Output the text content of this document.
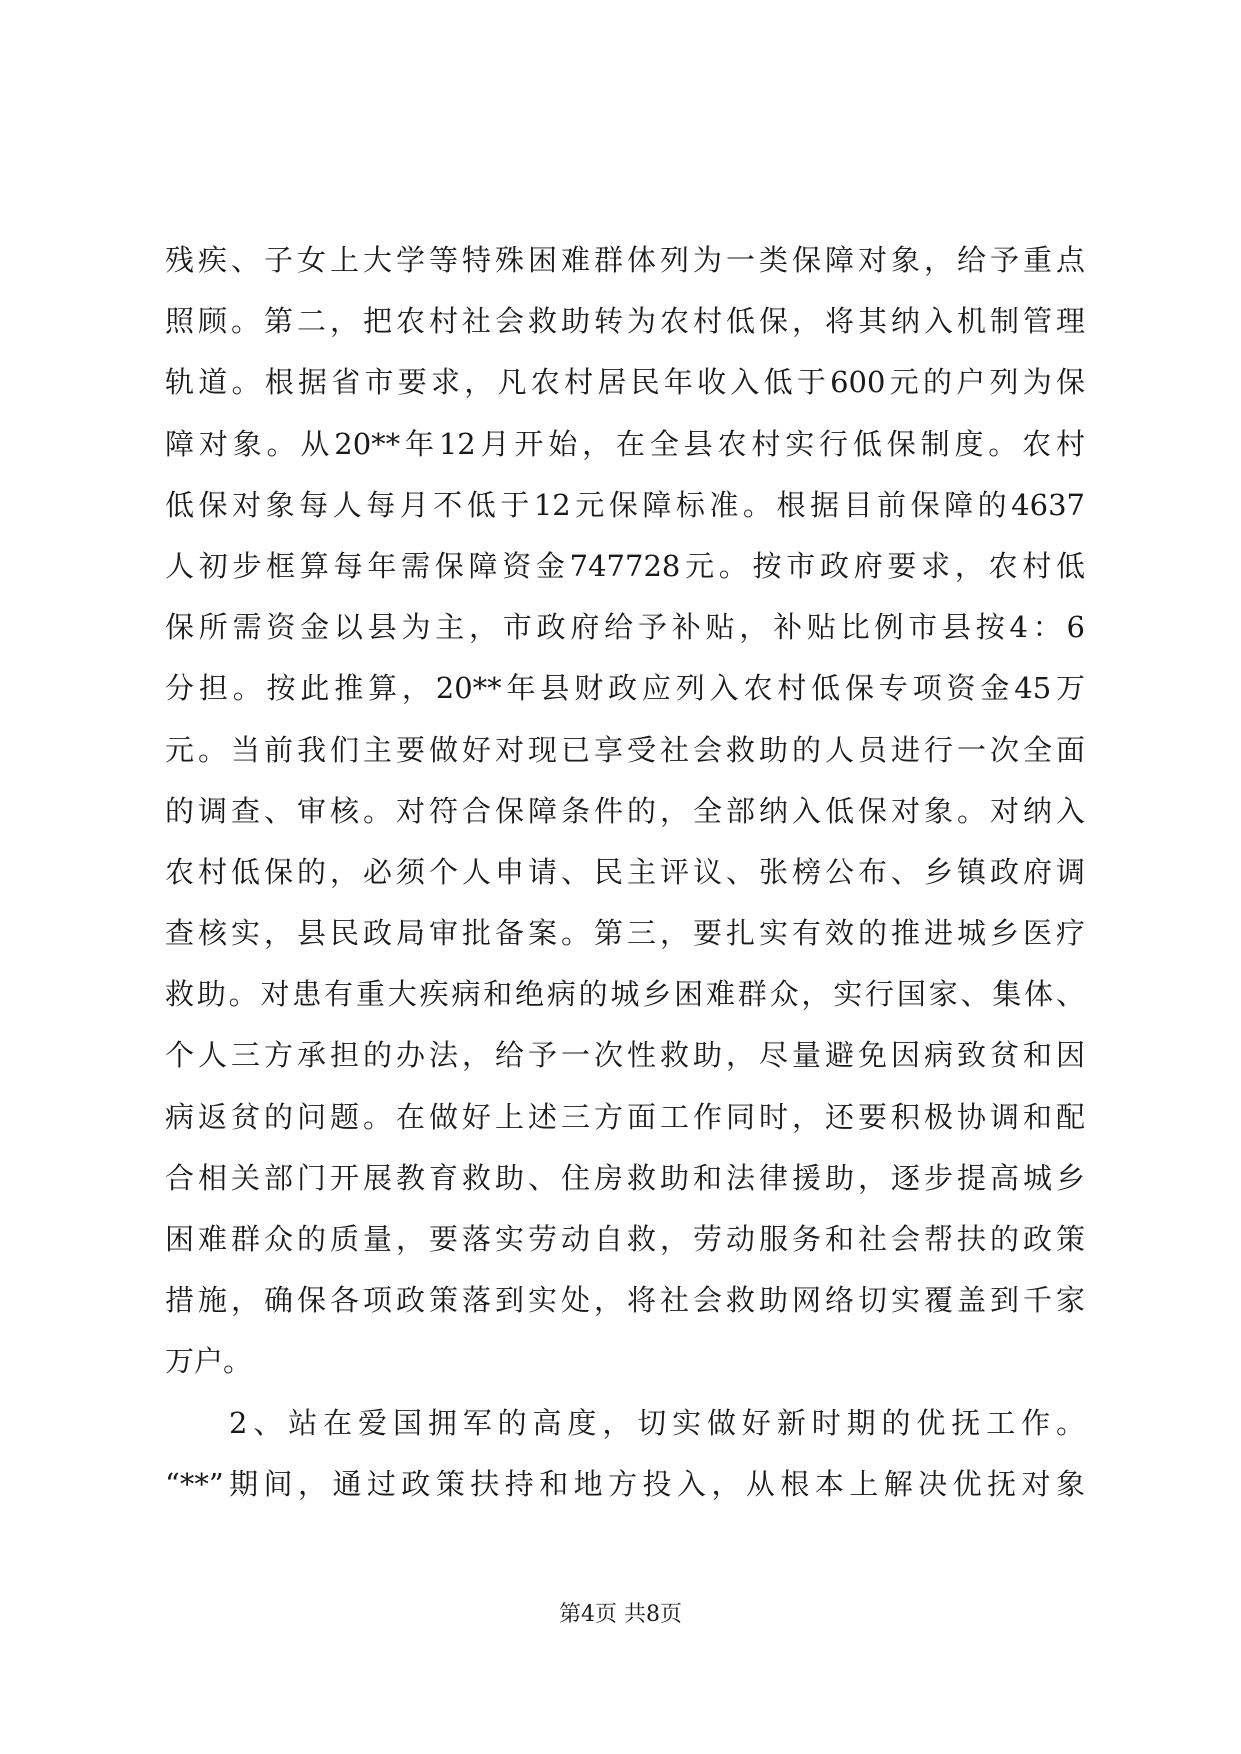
残疾、子女上大学等特殊困难群体列为一类保障对象，给予重点
照顾。第二，把农村社会救助转为农村低保，将其纳入机制管理
轨道。根据省市要求，凡农村居民年收入低于600元的户列为保
障对象。从20**年12月开始，在全县农村实行低保制度。农村
低保对象每人每月不低于12元保障标准。根据目前保障的4637
人初步框算每年需保障资金747728元。按市政府要求，农村低
保所需资金以县为主，市政府给予补贴，补贴比例市县按4：6
分担。按此推算，20**年县财政应列入农村低保专项资金45万
元。当前我们主要做好对现已享受社会救助的人员进行一次全面
的调查、审核。对符合保障条件的，全部纳入低保对象。对纳入
农村低保的，必须个人申请、民主评议、张榜公布、乡镇政府调
查核实，县民政局审批备案。第三，要扎实有效的推进城乡医疗
救助。对患有重大疾病和绝病的城乡困难群众，实行国家、集体、
个人三方承担的办法，给予一次性救助，尽量避免因病致贫和因
病返贫的问题。在做好上述三方面工作同时，还要积极协调和配
合相关部门开展教育救助、住房救助和法律援助，逐步提高城乡
困难群众的质量，要落实劳动自救，劳动服务和社会帮扶的政策
措施，确保各项政策落到实处，将社会救助网络切实覆盖到千家
万户。
2、站在爱国拥军的高度，切实做好新时期的优抚工作。
“**”期间，通过政策扶持和地方投入，从根本上解决优抚对象
第4页 共8页
